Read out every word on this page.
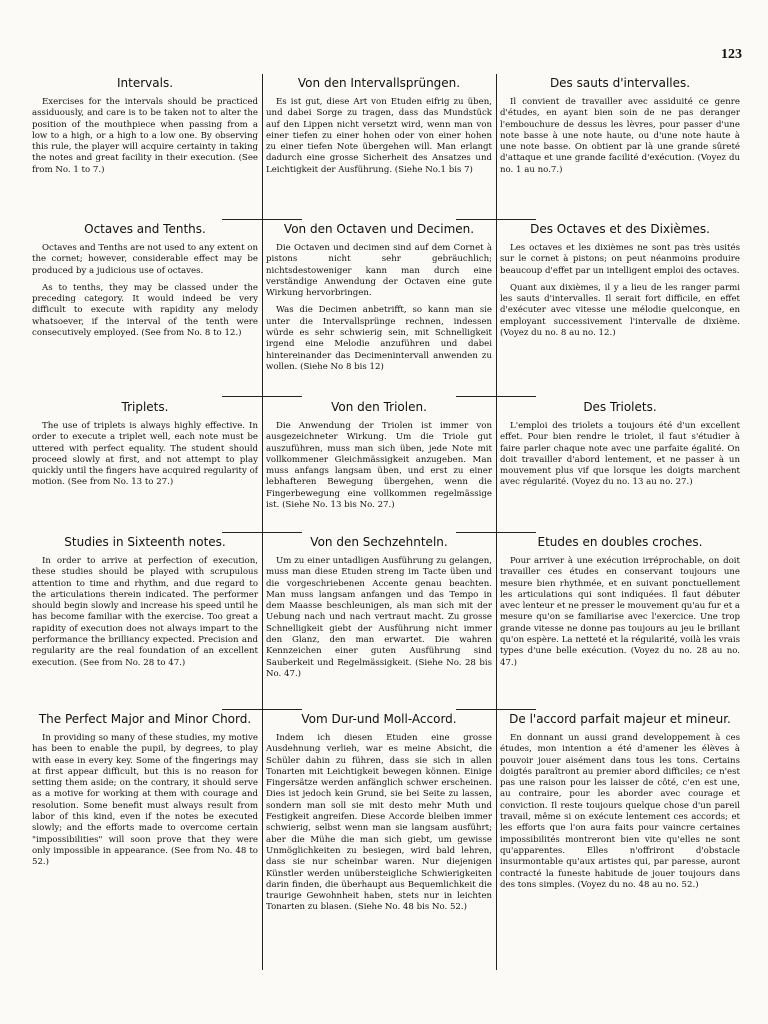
123
Intervals.

Exercises for the intervals should be practiced assiduously, and care is to be taken not to alter the position of the mouthpiece when passing from a low to a high, or a high to a low one. By observing this rule, the player will acquire certainty in taking the notes and great facility in their execution. (See from No. 1 to 7.)

Von den Intervallsprüngen.

Es ist gut, diese Art von Etuden eifrig zu üben, und dabei Sorge zu tragen, dass das Mundstück auf den Lippen nicht versetzt wird, wenn man von einer tiefen zu einer hohen oder von einer hohen zu einer tiefen Note übergehen will. Man erlangt dadurch eine grosse Sicherheit des Ansatzes und Leichtigkeit der Ausführung. (Siehe No.1 bis 7)

Des sauts d'intervalles.

Il convient de travailler avec assiduité ce genre d'études, en ayant bien soin de ne pas deranger l'embouchure de dessus les lèvres, pour passer d'une note basse à une note haute, ou d'une note haute à une note basse. On obtient par là une grande sûreté d'attaque et une grande facilité d'exécution. (Voyez du no. 1 au no.7.)

Octaves and Tenths.

Octaves and Tenths are not used to any extent on the cornet; however, considerable effect may be produced by a judicious use of octaves.

As to tenths, they may be classed under the preceding category. It would indeed be very difficult to execute with rapidity any melody whatsoever, if the interval of the tenth were consecutively employed. (See from No. 8 to 12.)

Von den Octaven und Decimen.

Die Octaven und decimen sind auf dem Cornet à pistons nicht sehr gebräuchlich; nichtsdestoweniger kann man durch eine verständige Anwendung der Octaven eine gute Wirkung hervorbringen.

Was die Decimen anbetrifft, so kann man sie unter die Intervallsprünge rechnen, indessen würde es sehr schwierig sein, mit Schnelligkeit irgend eine Melodie anzuführen und dabei hintereinander das Decimenintervall anwenden zu wollen. (Siehe No 8 bis 12)

Des Octaves et des Dixièmes.

Les octaves et les dixièmes ne sont pas très usités sur le cornet à pistons; on peut néanmoins produire beaucoup d'effet par un intelligent emploi des octaves.

Quant aux dixièmes, il y a lieu de les ranger parmi les sauts d'intervalles. Il serait fort difficile, en effet d'exécuter avec vitesse une mélodie quelconque, en employant successivement l'intervalle de dixième. (Voyez du no. 8 au no. 12.)

Triplets.

The use of triplets is always highly effective. In order to execute a triplet well, each note must be uttered with perfect equality. The student should proceed slowly at first, and not attempt to play quickly until the fingers have acquired regularity of motion. (See from No. 13 to 27.)

Von den Triolen.

Die Anwendung der Triolen ist immer von ausgezeichneter Wirkung. Um die Triole gut auszuführen, muss man sich üben, jede Note mit vollkommener Gleichmässigkeit anzugeben. Man muss anfangs langsam üben, und erst zu einer lebhafteren Bewegung übergehen, wenn die Fingerbewegung eine vollkommen regelmässige ist. (Siehe No. 13 bis No. 27.)

Des Triolets.

L'emploi des triolets a toujours été d'un excellent effet. Pour bien rendre le triolet, il faut s'étudier à faire parler chaque note avec une parfaite égalité. On doit travailler d'abord lentement, et ne passer à un mouvement plus vif que lorsque les doigts marchent avec régularité. (Voyez du no. 13 au no. 27.)

Studies in Sixteenth notes.

In order to arrive at perfection of execution, these studies should be played with scrupulous attention to time and rhythm, and due regard to the articulations therein indicated. The performer should begin slowly and increase his speed until he has become familiar with the exercise. Too great a rapidity of execution does not always impart to the performance the brilliancy expected. Precision and regularity are the real foundation of an excellent execution. (See from No. 28 to 47.)

Von den Sechzehnteln.

Um zu einer untadligen Ausführung zu gelangen, muss man diese Etuden streng im Tacte üben und die vorgeschriebenen Accente genau beachten. Man muss langsam anfangen und das Tempo in dem Maasse beschleunigen, als man sich mit der Uebung nach und nach vertraut macht. Zu grosse Schnelligkeit giebt der Ausführung nicht immer den Glanz, den man erwartet. Die wahren Kennzeichen einer guten Ausführung sind Sauberkeit und Regelmässigkeit. (Siehe No. 28 bis No. 47.)

Etudes en doubles croches.

Pour arriver à une exécution irréprochable, on doit travailler ces études en conservant toujours une mesure bien rhythmée, et en suivant ponctuellement les articulations qui sont indiquées. Il faut débuter avec lenteur et ne presser le mouvement qu'au fur et a mesure qu'on se familiarise avec l'exercice. Une trop grande vitesse ne donne pas toujours au jeu le brillant qu'on espère. La netteté et la régularité, voilà les vrais types d'une belle exécution. (Voyez du no. 28 au no. 47.)

The Perfect Major and Minor Chord.

In providing so many of these studies, my motive has been to enable the pupil, by degrees, to play with ease in every key. Some of the fingerings may at first appear difficult, but this is no reason for setting them aside; on the contrary, it should serve as a motive for working at them with courage and resolution. Some benefit must always result from labor of this kind, even if the notes be executed slowly; and the efforts made to overcome certain "impossibilities" will soon prove that they were only impossible in appearance. (See from No. 48 to 52.)

Vom Dur-und Moll-Accord.

Indem ich diesen Etuden eine grosse Ausdehnung verlieh, war es meine Absicht, die Schüler dahin zu führen, dass sie sich in allen Tonarten mit Leichtigkeit bewegen können. Einige Fingersätze werden anfänglich schwer erscheinen. Dies ist jedoch kein Grund, sie bei Seite zu lassen, sondern man soll sie mit desto mehr Muth und Festigkeit angreifen. Diese Accorde bleiben immer schwierig, selbst wenn man sie langsam ausführt; aber die Mühe die man sich giebt, um gewisse Unmöglichkeiten zu besiegen, wird bald lehren, dass sie nur scheinbar waren. Nur diejenigen Künstler werden unübersteigliche Schwierigkeiten darin finden, die überhaupt aus Bequemlichkeit die traurige Gewohnheit haben, stets nur in leichten Tonarten zu blasen. (Siehe No. 48 bis No. 52.)

De l'accord parfait majeur et mineur.

En donnant un aussi grand developpement à ces études, mon intention a été d'amener les élèves à pouvoir jouer aisément dans tous les tons. Certains doigtés paraîtront au premier abord difficiles; ce n'est pas une raison pour les laisser de côté, c'en est une, au contraire, pour les aborder avec courage et conviction. Il reste toujours quelque chose d'un pareil travail, même si on exécute lentement ces accords; et les efforts que l'on aura faits pour vaincre certaines impossibilités montreront bien vite qu'elles ne sont qu'apparentes. Elles n'offriront d'obstacle insurmontable qu'aux artistes qui, par paresse, auront contracté la funeste habitude de jouer toujours dans des tons simples. (Voyez du no. 48 au no. 52.)
